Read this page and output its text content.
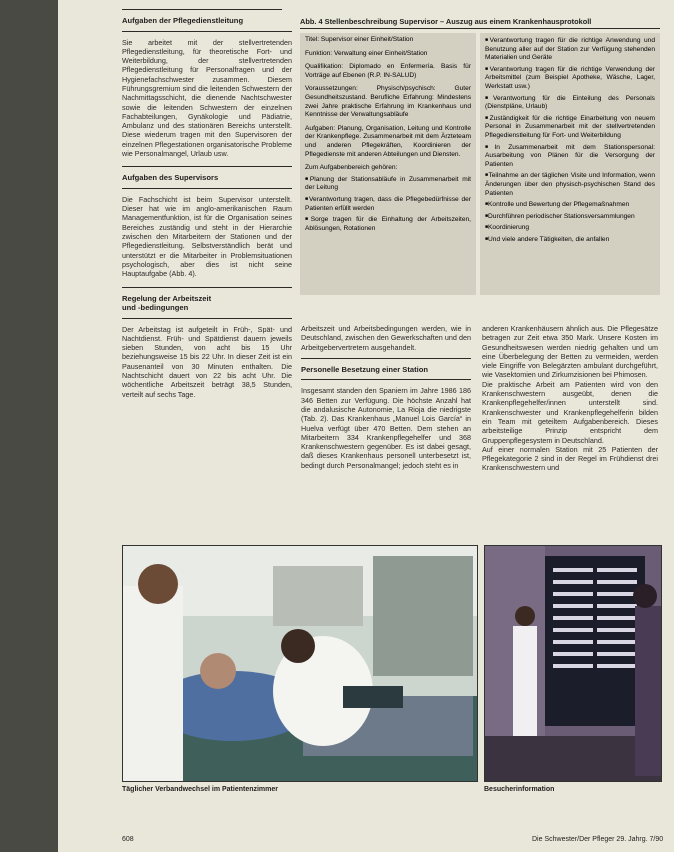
Aufgaben der Pflegedienstleitung

Sie arbeitet mit der stellvertretenden Pflegedienstleitung, für theoretische Fort- und Weiterbildung, der stellvertretenden Pflegedienstleitung für Personalfragen und der Hygienefachschwester zusammen. Diesem Führungsgremium sind die leitenden Schwestern der Nachmittagsschicht, die dienende Nachtschwester sowie die leitenden Schwestern der einzelnen Fachabteilungen, Gynäkologie und Pädiatrie, Ambulanz und des stationären Bereichs unterstellt. Diese wiederum tragen mit den Supervisoren der einzelnen Pflegestationen organisatorische Probleme wie Personalmangel, Urlaub usw.

Aufgaben des Supervisors

Die Fachschicht ist beim Supervisor unterstellt. Dieser hat wie im anglo-amerikanischen Raum Managementfunktion, ist für die Organisation seines Bereiches zuständig und steht in der Hierarchie zwischen den Mitarbeitern der Stationen und der Pflegedienstleitung. Selbstverständlich berät und unterstützt er die Mitarbeiter in Problemsituationen psychologisch, aber dies ist nicht seine Hauptaufgabe (Abb. 4).

Regelung der Arbeitszeit
und -bedingungen

Der Arbeitstag ist aufgeteilt in Früh-, Spät- und Nachtdienst. Früh- und Spätdienst dauern jeweils sieben Stunden, von acht bis 15 Uhr beziehungsweise 15 bis 22 Uhr. In dieser Zeit ist ein Pausenanteil von 30 Minuten enthalten. Die Nachtschicht dauert von 22 bis acht Uhr. Die wöchentliche Arbeitszeit beträgt 38,5 Stunden, verteilt auf sechs Tage.

Abb. 4 Stellenbeschreibung Supervisor – Auszug aus einem Krankenhausprotokoll

Titel: Supervisor einer Einheit/Station

Funktion: Verwaltung einer Einheit/Station

Qualifikation: Diplomado en Enfermería. Basis für Vorträge auf Ebenen (R.P. IN-SALUD)

Voraussetzungen: Physisch/psychisch: Guter Gesundheitszustand. Berufliche Erfahrung: Mindestens zwei Jahre praktische Erfahrung im Krankenhaus und Kenntnisse der Verwaltungsabläufe

Aufgaben: Planung, Organisation, Leitung und Kontrolle der Krankenpflege. Zusammenarbeit mit dem Ärzteteam und anderen Pflegekräften, Koordinieren der Pflegedienste mit anderen Abteilungen und Diensten.

Zum Aufgabenbereich gehören:

■ Planung der Stationsabläufe in Zusammenarbeit mit der Leitung
■ Verantwortung tragen, dass die Pflegebedürfnisse der Patienten erfüllt werden
■ Sorge tragen für die Einhaltung der Arbeitszeiten, Ablösungen, Rotationen
■ Verantwortung tragen für die richtige Anwendung und Benutzung aller auf der Station zur Verfügung stehenden Materialien und Geräte
■ Verantwortung tragen für die richtige Verwendung der Arbeitsmittel (zum Beispiel Apotheke, Wäsche, Lager, Werkstatt usw.)
■ Verantwortung für die Einteilung des Personals (Dienstpläne, Urlaub)
■ Zuständigkeit für die richtige Einarbeitung von neuem Personal in Zusammenarbeit mit der stellvertretenden Pflegedienstleitung für Fort- und Weiterbildung
■ In Zusammenarbeit mit dem Stationspersonal: Ausarbeitung von Plänen für die Versorgung der Patienten
■ Teilnahme an der täglichen Visite und Information, wenn Änderungen über den physisch-psychischen Stand des Patienten
■ Kontrolle und Bewertung der Pflegemaßnahmen
■ Durchführen periodischer Stationsversammlungen
■ Koordinierung
■ Und viele andere Tätigkeiten, die anfallen

Arbeitszeit und Arbeitsbedingungen werden, wie in Deutschland, zwischen den Gewerkschaften und den Arbeitgebervertretern ausgehandelt.

Personelle Besetzung einer Station

Insgesamt standen den Spaniern im Jahre 1986 186 346 Betten zur Verfügung. Die höchste Anzahl hat die andalusische Autonomie, La Rioja die niedrigste (Tab. 2). Das Krankenhaus „Manuel Lois García“ in Huelva verfügt über 470 Betten. Dem stehen an Mitarbeitern 334 Krankenpflegehelfer und 368 Krankenschwestern gegenüber. Es ist dabei gesagt, daß dieses Krankenhaus personell unterbesetzt ist, bedingt durch Personalmangel; jedoch steht es in

anderen Krankenhäusern ähnlich aus. Die Pflegesätze betragen zur Zeit etwa 350 Mark. Unsere Kosten im Gesundheitswesen werden niedrig gehalten und um eine Überbelegung der Betten zu vermeiden, werden viele Eingriffe von Belegärzten ambulant durchgeführt, wie Vasektomien und Zirkumzisionen bei Phimosen.

Die praktische Arbeit am Patienten wird von den Krankenschwestern ausgeübt, denen die Krankenpflegehelfer/innen unterstellt sind. Krankenschwester und Krankenpflegehelferin bilden ein Team mit geteiltem Aufgabenbereich. Dieses arbeitsteilige Prinzip entspricht dem Gruppenpflegesystem in Deutschland.

Auf einer normalen Station mit 25 Patienten der Pflegekategorie 2 sind in der Regel im Frühdienst drei Krankenschwestern und

Täglicher Verbandwechsel im Patientenzimmer	Besucherinformation
608	Die Schwester/Der Pfleger 29. Jahrg. 7/90
